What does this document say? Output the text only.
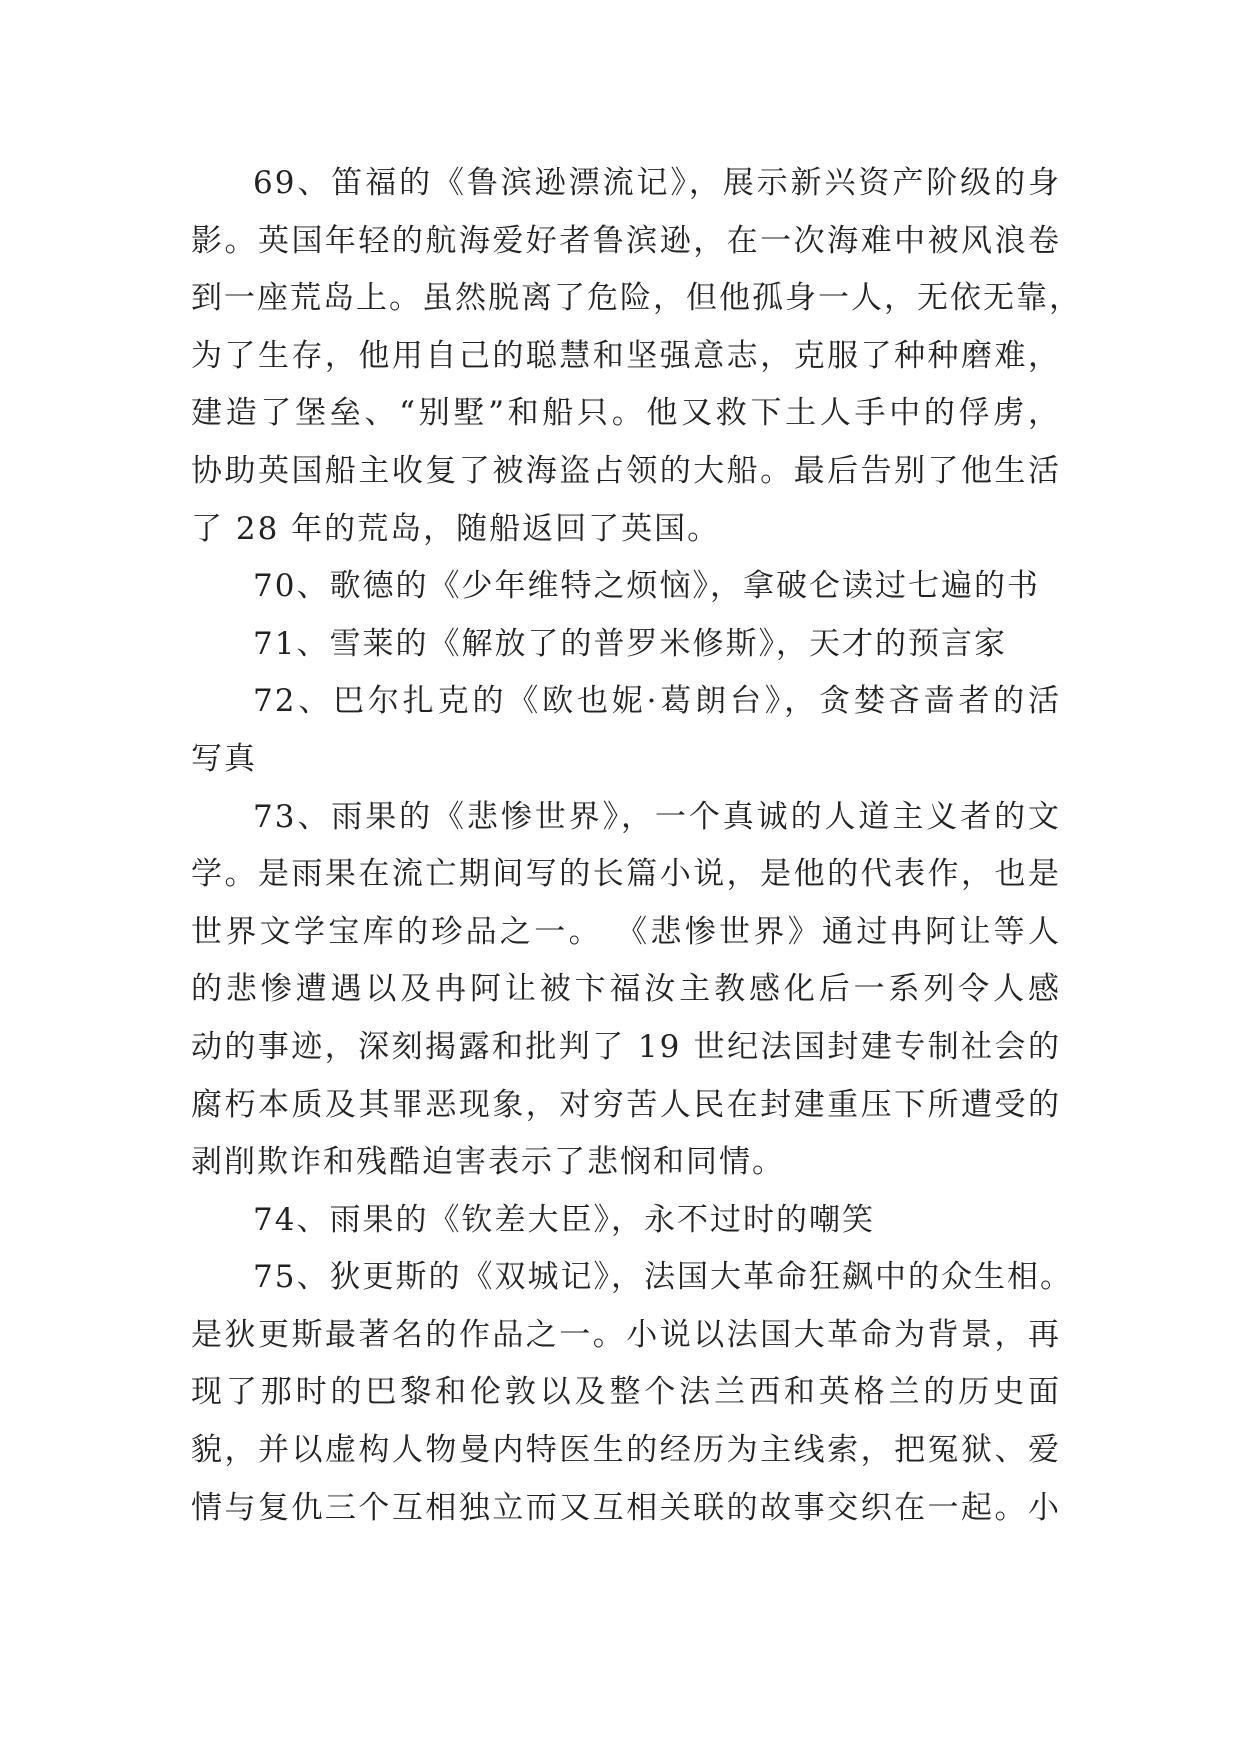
69、笛福的《鲁滨逊漂流记》，展示新兴资产阶级的身
影。英国年轻的航海爱好者鲁滨逊，在一次海难中被风浪卷
到一座荒岛上。虽然脱离了危险，但他孤身一人，无依无靠，
为了生存，他用自己的聪慧和坚强意志，克服了种种磨难，
建造了堡垒、“别墅”和船只。他又救下土人手中的俘虏，
协助英国船主收复了被海盗占领的大船。最后告别了他生活
了 28 年的荒岛，随船返回了英国。
70、歌德的《少年维特之烦恼》，拿破仑读过七遍的书
71、雪莱的《解放了的普罗米修斯》，天才的预言家
72、巴尔扎克的《欧也妮·葛朗台》，贪婪吝啬者的活
写真
73、雨果的《悲惨世界》，一个真诚的人道主义者的文
学。是雨果在流亡期间写的长篇小说，是他的代表作，也是
世界文学宝库的珍品之一。 《悲惨世界》通过冉阿让等人
的悲惨遭遇以及冉阿让被卞福汝主教感化后一系列令人感
动的事迹，深刻揭露和批判了 19 世纪法国封建专制社会的
腐朽本质及其罪恶现象，对穷苦人民在封建重压下所遭受的
剥削欺诈和残酷迫害表示了悲悯和同情。
74、雨果的《钦差大臣》，永不过时的嘲笑
75、狄更斯的《双城记》，法国大革命狂飙中的众生相。
是狄更斯最著名的作品之一。小说以法国大革命为背景，再
现了那时的巴黎和伦敦以及整个法兰西和英格兰的历史面
貌，并以虚构人物曼内特医生的经历为主线索，把冤狱、爱
情与复仇三个互相独立而又互相关联的故事交织在一起。小
